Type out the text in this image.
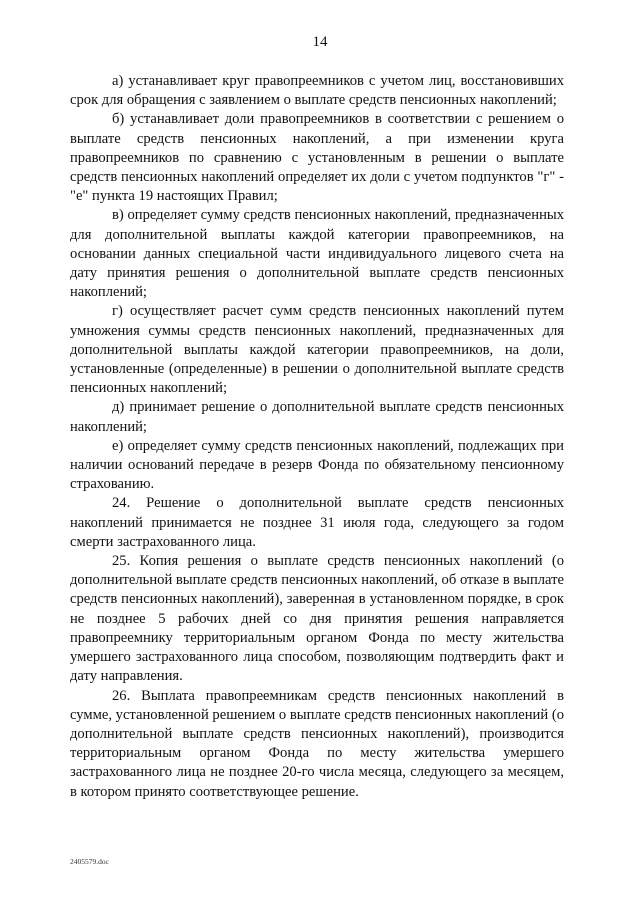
14

а) устанавливает круг правопреемников с учетом лиц, восстановивших срок для обращения с заявлением о выплате средств пенсионных накоплений;

б) устанавливает доли правопреемников в соответствии с решением о выплате средств пенсионных накоплений, а при изменении круга правопреемников по сравнению с установленным в решении о выплате средств пенсионных накоплений определяет их доли с учетом подпунктов "г" - "е" пункта 19 настоящих Правил;

в) определяет сумму средств пенсионных накоплений, предназначенных для дополнительной выплаты каждой категории правопреемников, на основании данных специальной части индивидуального лицевого счета на дату принятия решения о дополнительной выплате средств пенсионных накоплений;

г) осуществляет расчет сумм средств пенсионных накоплений путем умножения суммы средств пенсионных накоплений, предназначенных для дополнительной выплаты каждой категории правопреемников, на доли, установленные (определенные) в решении о дополнительной выплате средств пенсионных накоплений;

д) принимает решение о дополнительной выплате средств пенсионных накоплений;

е) определяет сумму средств пенсионных накоплений, подлежащих при наличии оснований передаче в резерв Фонда по обязательному пенсионному страхованию.

24. Решение о дополнительной выплате средств пенсионных накоплений принимается не позднее 31 июля года, следующего за годом смерти застрахованного лица.

25. Копия решения о выплате средств пенсионных накоплений (о дополнительной выплате средств пенсионных накоплений, об отказе в выплате средств пенсионных накоплений), заверенная в установленном порядке, в срок не позднее 5 рабочих дней со дня принятия решения направляется правопреемнику территориальным органом Фонда по месту жительства умершего застрахованного лица способом, позволяющим подтвердить факт и дату направления.

26. Выплата правопреемникам средств пенсионных накоплений в сумме, установленной решением о выплате средств пенсионных накоплений (о дополнительной выплате средств пенсионных накоплений), производится территориальным органом Фонда по месту жительства умершего застрахованного лица не позднее 20-го числа месяца, следующего за месяцем, в котором принято соответствующее решение.

2405579.doc
